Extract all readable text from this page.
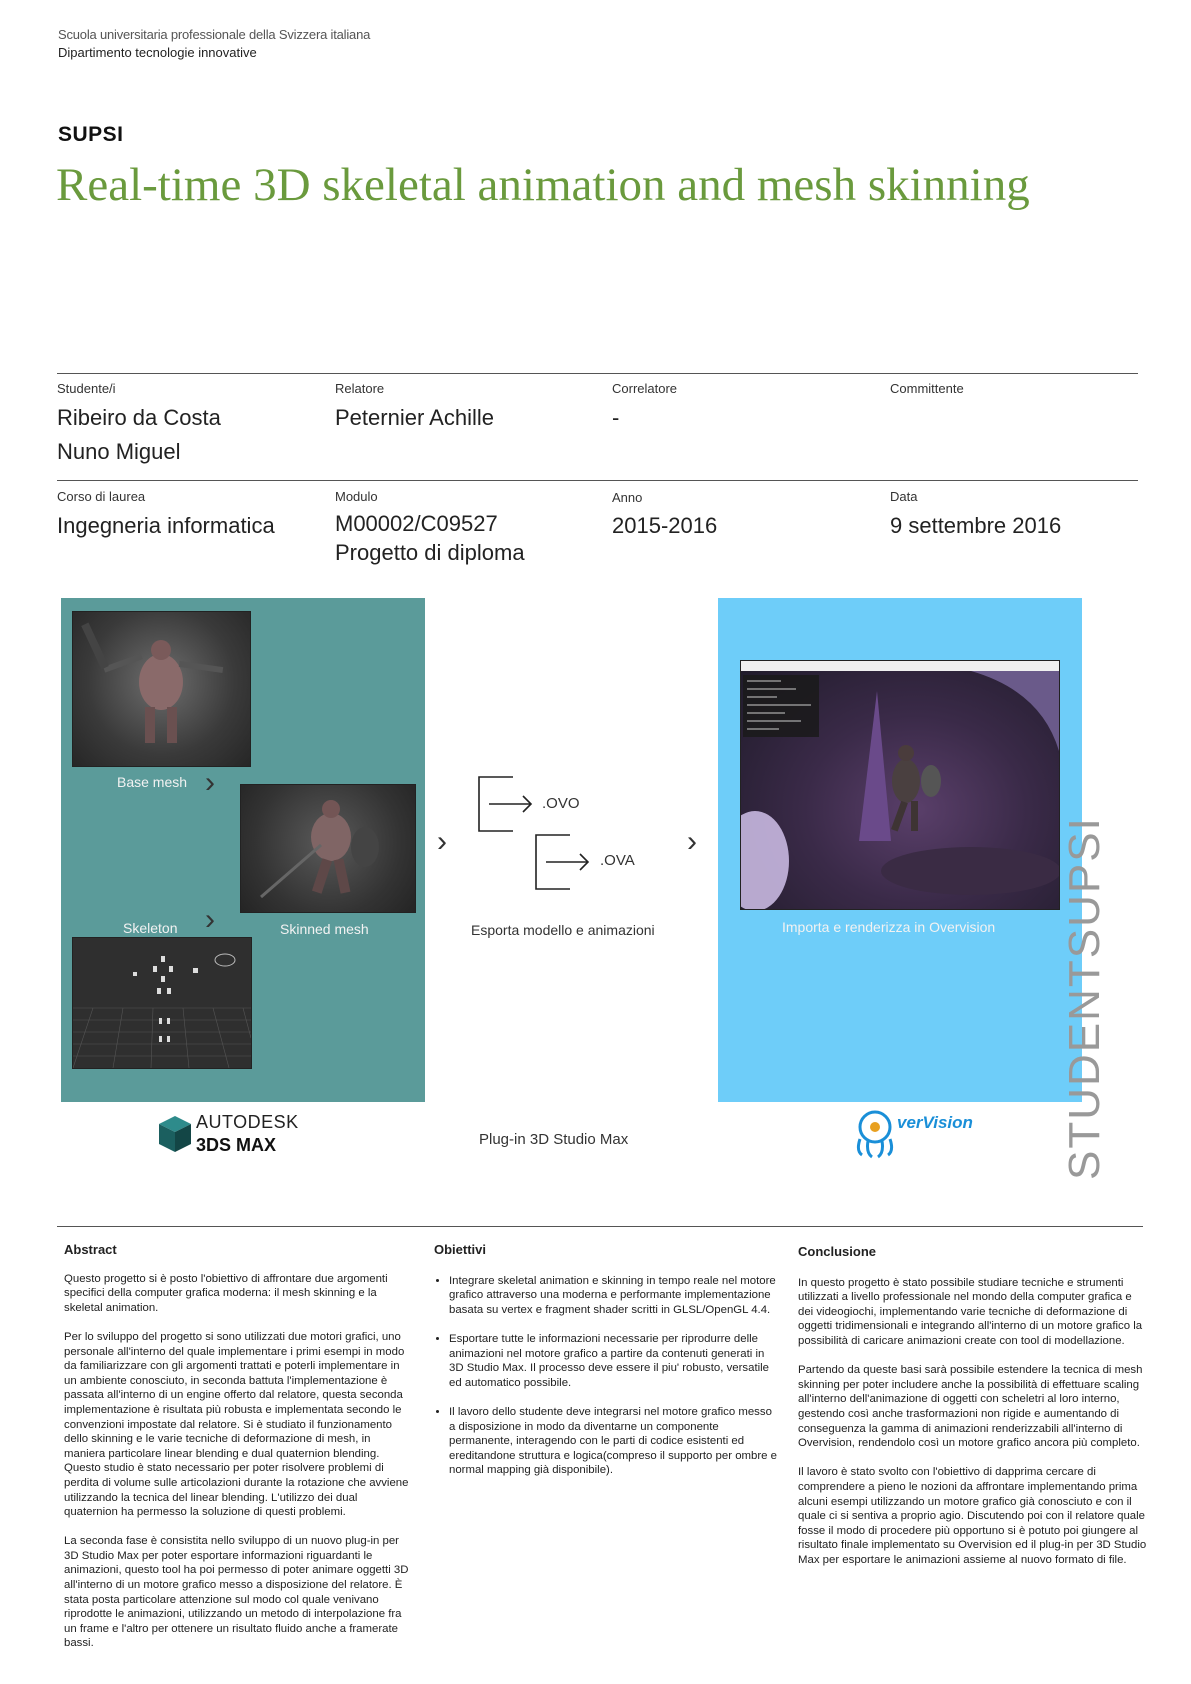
Scuola universitaria professionale della Svizzera italiana
Dipartimento tecnologie innovative
SUPSI
Real-time 3D skeletal animation and mesh skinning
Studente/i
Ribeiro da Costa
Nuno Miguel
Relatore
Peternier Achille
Correlatore
-
Committente
Corso di laurea
Ingegneria informatica
Modulo
M00002/C09527
Progetto di diploma
Anno
2015-2016
Data
9 settembre 2016
Base mesh ›
›
Skeleton	Skinned mesh
›
.OVO
.OVA
Esporta modello e animazioni
›
Importa e renderizza in Overvision
AUTODESK
3DS MAX	Plug-in 3D Studio Max
verVision STUDENTSUPSI
Abstract

Questo progetto si è posto l'obiettivo di affrontare due argomenti specifici della computer grafica moderna: il mesh skinning e la skeletal animation.

Per lo sviluppo del progetto si sono utilizzati due motori grafici, uno personale all'interno del quale implementare i primi esempi in modo da familiarizzare con gli argomenti trattati e poterli implementare in un ambiente conosciuto, in seconda battuta l'implementazione è passata all'interno di un engine offerto dal relatore, questa seconda implementazione è risultata più robusta e implementata secondo le convenzioni impostate dal relatore. Si è studiato il funzionamento dello skinning e le varie tecniche di deformazione di mesh, in maniera particolare linear blending e dual quaternion blending. Questo studio è stato necessario per poter risolvere problemi di perdita di volume sulle articolazioni durante la rotazione che avviene utilizzando la tecnica del linear blending. L'utilizzo dei dual quaternion ha permesso la soluzione di questi problemi.

La seconda fase è consistita nello sviluppo di un nuovo plug-in per 3D Studio Max per poter esportare informazioni riguardanti le animazioni, questo tool ha poi permesso di poter animare oggetti 3D all'interno di un motore grafico messo a disposizione del relatore. È stata posta particolare attenzione sul modo col quale venivano riprodotte le animazioni, utilizzando un metodo di interpolazione fra un frame e l'altro per ottenere un risultato fluido anche a framerate bassi.

Obiettivi
• Integrare skeletal animation e skinning in tempo reale nel motore grafico attraverso una moderna e performante implementazione basata su vertex e fragment shader scritti in GLSL/OpenGL 4.4.
• Esportare tutte le informazioni necessarie per riprodurre delle animazioni nel motore grafico a partire da contenuti generati in 3D Studio Max. Il processo deve essere il piu' robusto, versatile ed automatico possibile.
• Il lavoro dello studente deve integrarsi nel motore grafico messo a disposizione in modo da diventarne un componente permanente, interagendo con le parti di codice esistenti ed ereditandone struttura e logica(compreso il supporto per ombre e normal mapping già disponibile).
Conclusione

In questo progetto è stato possibile studiare tecniche e strumenti utilizzati a livello professionale nel mondo della computer grafica e dei videogiochi, implementando varie tecniche di deformazione di oggetti tridimensionali e integrando all'interno di un motore grafico la possibilità di caricare animazioni create con tool di modellazione.

Partendo da queste basi sarà possibile estendere la tecnica di mesh skinning per poter includere anche la possibilità di effettuare scaling all'interno dell'animazione di oggetti con scheletri al loro interno, gestendo così anche trasformazioni non rigide e aumentando di conseguenza la gamma di animazioni renderizzabili all'interno di Overvision, rendendolo così un motore grafico ancora più completo.

Il lavoro è stato svolto con l'obiettivo di dapprima cercare di comprendere a pieno le nozioni da affrontare implementando prima alcuni esempi utilizzando un motore grafico già conosciuto e con il quale ci si sentiva a proprio agio. Discutendo poi con il relatore quale fosse il modo di procedere più opportuno si è potuto poi giungere al risultato finale implementato su Overvision ed il plug-in per 3D Studio Max per esportare le animazioni assieme al nuovo formato di file.
